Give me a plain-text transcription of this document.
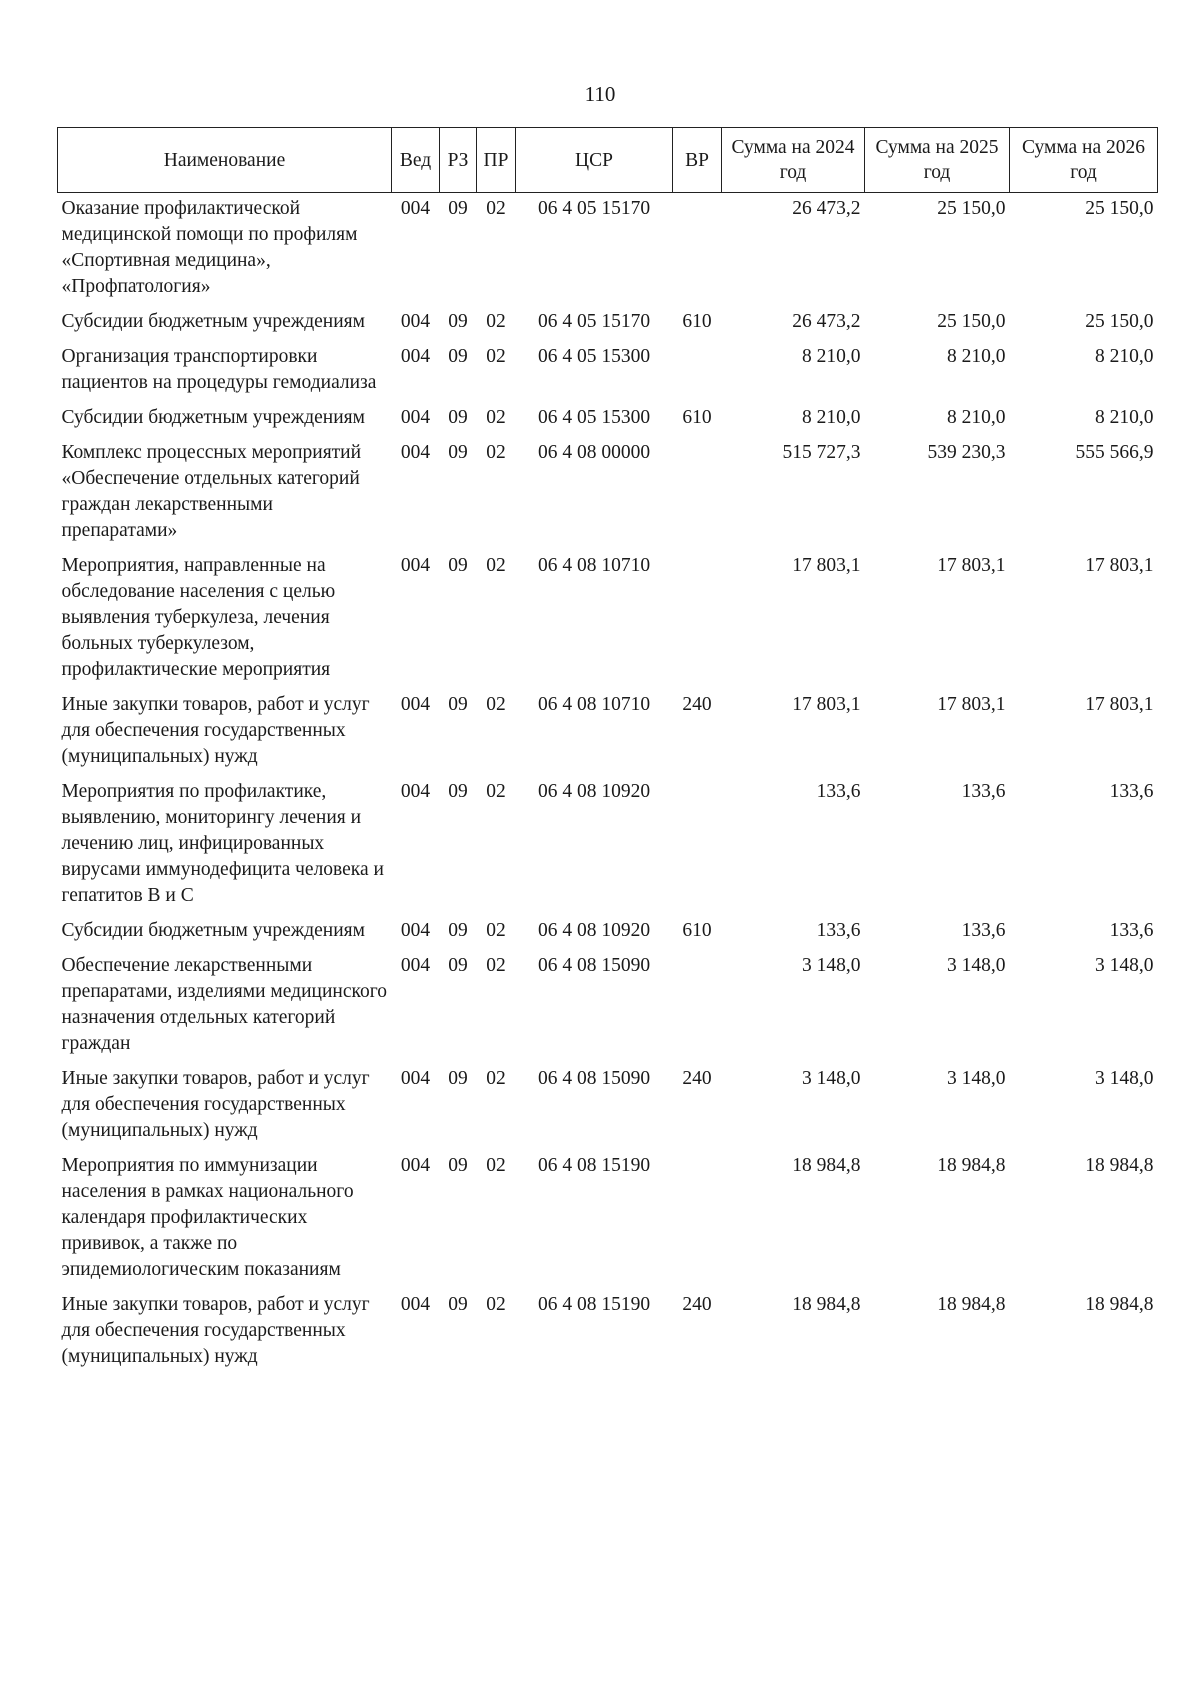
110
Наименование	Вед	РЗ	ПР	ЦСР	ВР	Сумма на 2024 год	Сумма на 2025 год	Сумма на 2026 год
Оказание профилактической медицинской помощи по профилям «Спортивная медицина», «Профпатология»	004	09	02	06 4 05 15170		26 473,2	25 150,0	25 150,0
Субсидии бюджетным учреждениям	004	09	02	06 4 05 15170	610	26 473,2	25 150,0	25 150,0
Организация транспортировки пациентов на процедуры гемодиализа	004	09	02	06 4 05 15300		8 210,0	8 210,0	8 210,0
Субсидии бюджетным учреждениям	004	09	02	06 4 05 15300	610	8 210,0	8 210,0	8 210,0
Комплекс процессных мероприятий «Обеспечение отдельных категорий граждан лекарственными препаратами»	004	09	02	06 4 08 00000		515 727,3	539 230,3	555 566,9
Мероприятия, направленные на обследование населения с целью выявления туберкулеза, лечения больных туберкулезом, профилактические мероприятия	004	09	02	06 4 08 10710		17 803,1	17 803,1	17 803,1
Иные закупки товаров, работ и услуг для обеспечения государственных (муниципальных) нужд	004	09	02	06 4 08 10710	240	17 803,1	17 803,1	17 803,1
Мероприятия по профилактике, выявлению, мониторингу лечения и лечению лиц, инфицированных вирусами иммунодефицита человека и гепатитов В и С	004	09	02	06 4 08 10920		133,6	133,6	133,6
Субсидии бюджетным учреждениям	004	09	02	06 4 08 10920	610	133,6	133,6	133,6
Обеспечение лекарственными препаратами, изделиями медицинского назначения отдельных категорий граждан	004	09	02	06 4 08 15090		3 148,0	3 148,0	3 148,0
Иные закупки товаров, работ и услуг для обеспечения государственных (муниципальных) нужд	004	09	02	06 4 08 15090	240	3 148,0	3 148,0	3 148,0
Мероприятия по иммунизации населения в рамках национального календаря профилактических прививок, а также по эпидемиологическим показаниям	004	09	02	06 4 08 15190		18 984,8	18 984,8	18 984,8
Иные закупки товаров, работ и услуг для обеспечения государственных (муниципальных) нужд	004	09	02	06 4 08 15190	240	18 984,8	18 984,8	18 984,8
